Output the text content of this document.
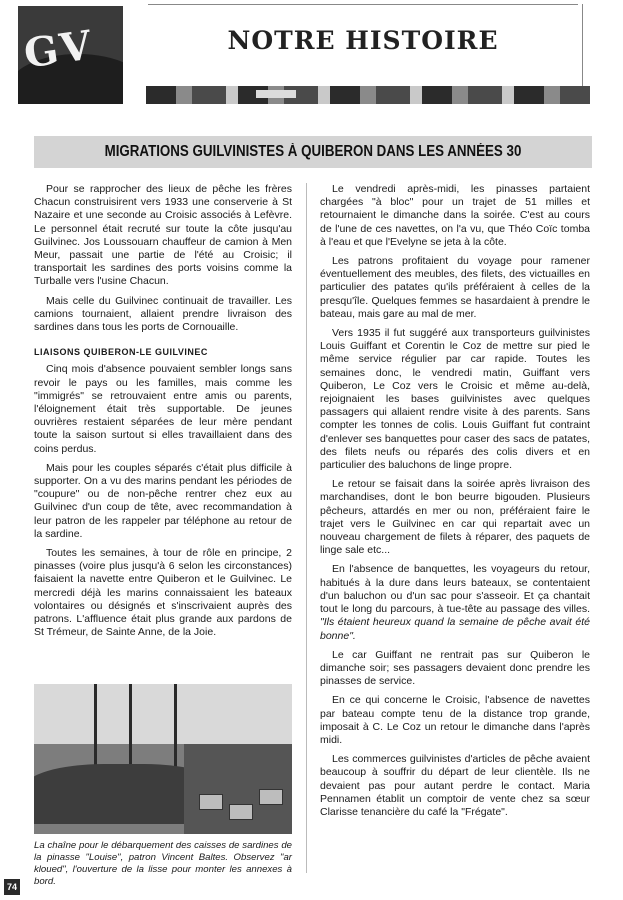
GV	NOTRE HISTOIRE
MIGRATIONS GUILVINISTES À QUIBERON DANS LES ANNÉES 30

Pour se rapprocher des lieux de pêche les frères Chacun construisirent vers 1933 une conserverie à St Nazaire et une seconde au Croisic associés à Lefèvre. Le personnel était recruté sur toute la côte jusqu'au Guilvinec. Jos Loussouarn chauffeur de camion à Men Meur, passait une partie de l'été au Croisic; il transportait les sardines des ports voisins comme la Turballe vers l'usine Chacun.

Mais celle du Guilvinec continuait de travailler. Les camions tournaient, allaient prendre livraison des sardines dans tous les ports de Cornouaille.

LIAISONS QUIBERON-LE GUILVINEC

Cinq mois d'absence pouvaient sembler longs sans revoir le pays ou les familles, mais comme les "immigrés" se retrouvaient entre amis ou parents, l'éloignement était très supportable. De jeunes ouvrières restaient séparées de leur mère pendant toute la saison surtout si elles travaillaient dans des coins perdus.

Mais pour les couples séparés c'était plus difficile à supporter. On a vu des marins pendant les périodes de "coupure" ou de non-pêche rentrer chez eux au Guilvinec d'un coup de tête, avec recommandation à leur patron de les rappeler par téléphone au retour de la sardine.

Toutes les semaines, à tour de rôle en principe, 2 pinasses (voire plus jusqu'à 6 selon les circonstances) faisaient la navette entre Quiberon et le Guilvinec. Le mercredi déjà les marins connaissaient les bateaux volontaires ou désignés et s'inscrivaient auprès des patrons. L'affluence était plus grande aux pardons de St Trémeur, de Sainte Anne, de la Joie.

Le vendredi après-midi, les pinasses partaient chargées "à bloc" pour un trajet de 51 milles et retournaient le dimanche dans la soirée. C'est au cours de l'une de ces navettes, on l'a vu, que Théo Coïc tomba à l'eau et que l'Evelyne se jeta à la côte.

Les patrons profitaient du voyage pour ramener éventuellement des meubles, des filets, des victuailles en particulier des patates qu'ils préféraient à celles de la presqu'île. Quelques femmes se hasardaient à prendre le bateau, mais gare au mal de mer.

Vers 1935 il fut suggéré aux transporteurs guilvinistes Louis Guiffant et Corentin le Coz de mettre sur pied le même service régulier par car rapide. Toutes les semaines donc, le vendredi matin, Guiffant vers Quiberon, Le Coz vers le Croisic et même au-delà, rejoignaient les bases guilvinistes avec quelques passagers qui allaient rendre visite à des parents. Sans compter les tonnes de colis. Louis Guiffant fut contraint d'enlever ses banquettes pour caser des sacs de patates, des filets neufs ou réparés des colis divers et en particulier des baluchons de linge propre.

Le retour se faisait dans la soirée après livraison des marchandises, dont le bon beurre bigouden. Plusieurs pêcheurs, attardés en mer ou non, préféraient faire le trajet vers le Guilvinec en car qui repartait avec un nouveau chargement de filets à réparer, des paquets de linge sale etc...

En l'absence de banquettes, les voyageurs du retour, habitués à la dure dans leurs bateaux, se contentaient d'un baluchon ou d'un sac pour s'asseoir. Et ça chantait tout le long du parcours, à tue-tête au passage des villes. "Ils étaient heureux quand la semaine de pêche avait été bonne".

Le car Guiffant ne rentrait pas sur Quiberon le dimanche soir; ses passagers devaient donc prendre les pinasses de service.

En ce qui concerne le Croisic, l'absence de navettes par bateau compte tenu de la distance trop grande, imposait à C. Le Coz un retour le dimanche dans l'après midi.

Les commerces guilvinistes d'articles de pêche avaient beaucoup à souffrir du départ de leur clientèle. Ils ne devaient pas pour autant perdre le contact. Maria Pennamen établit un comptoir de vente chez sa sœur Clarisse tenancière du café la "Frégate".

La chaîne pour le débarquement des caisses de sardines de la pinasse "Louise", patron Vincent Baltes. Observez "ar kloued", l'ouverture de la lisse pour monter les annexes à bord.
74
